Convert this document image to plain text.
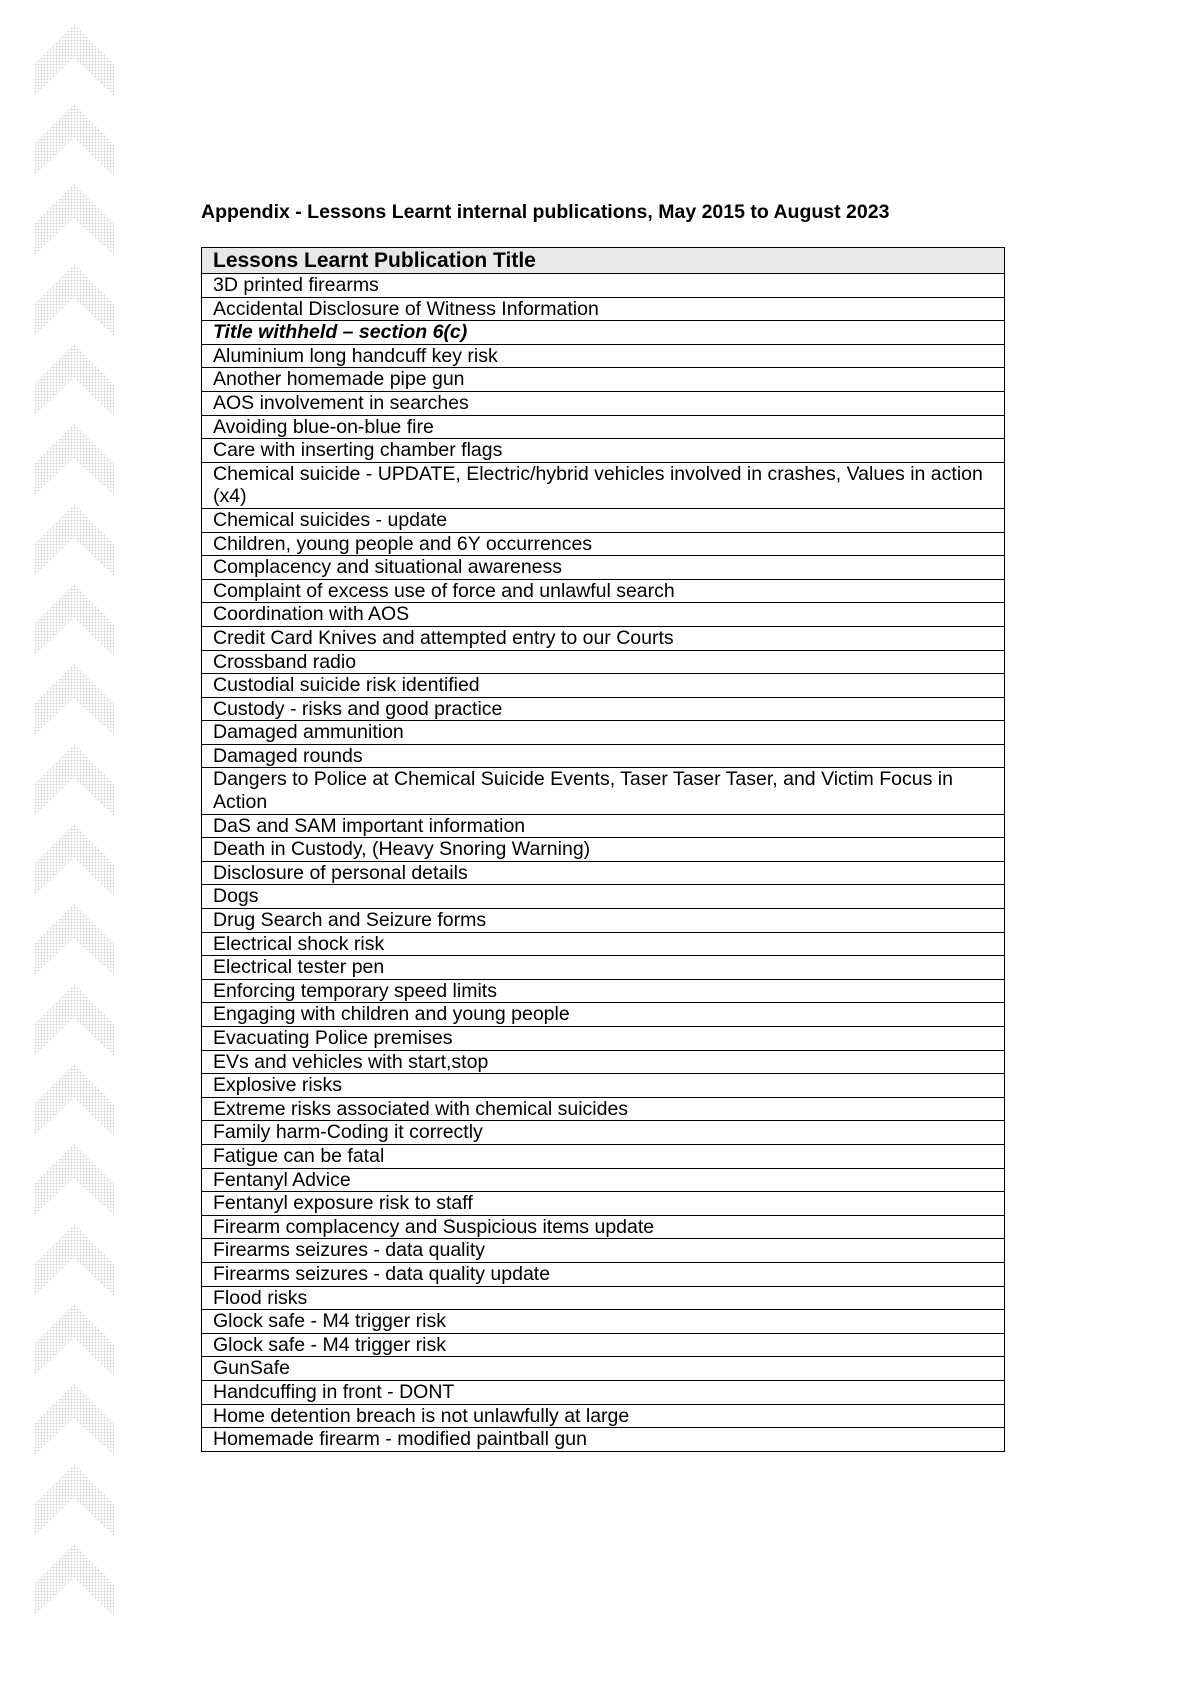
Appendix - Lessons Learnt internal publications, May 2015 to August 2023
Lessons Learnt Publication Title
3D printed firearms
Accidental Disclosure of Witness Information
Title withheld – section 6(c)
Aluminium long handcuff key risk
Another homemade pipe gun
AOS involvement in searches
Avoiding blue-on-blue fire
Care with inserting chamber flags
Chemical suicide - UPDATE, Electric/hybrid vehicles involved in crashes, Values in action (x4)
Chemical suicides - update
Children, young people and 6Y occurrences
Complacency and situational awareness
Complaint of excess use of force and unlawful search
Coordination with AOS
Credit Card Knives and attempted entry to our Courts
Crossband radio
Custodial suicide risk identified
Custody - risks and good practice
Damaged ammunition
Damaged rounds
Dangers to Police at Chemical Suicide Events, Taser Taser Taser, and Victim Focus in Action
DaS and SAM important information
Death in Custody, (Heavy Snoring Warning)
Disclosure of personal details
Dogs
Drug Search and Seizure forms
Electrical shock risk
Electrical tester pen
Enforcing temporary speed limits
Engaging with children and young people
Evacuating Police premises
EVs and vehicles with start,stop
Explosive risks
Extreme risks associated with chemical suicides
Family harm-Coding it correctly
Fatigue can be fatal
Fentanyl Advice
Fentanyl exposure risk to staff
Firearm complacency and Suspicious items update
Firearms seizures - data quality
Firearms seizures - data quality update
Flood risks
Glock safe - M4 trigger risk
Glock safe - M4 trigger risk
GunSafe
Handcuffing in front - DONT
Home detention breach is not unlawfully at large
Homemade firearm - modified paintball gun
